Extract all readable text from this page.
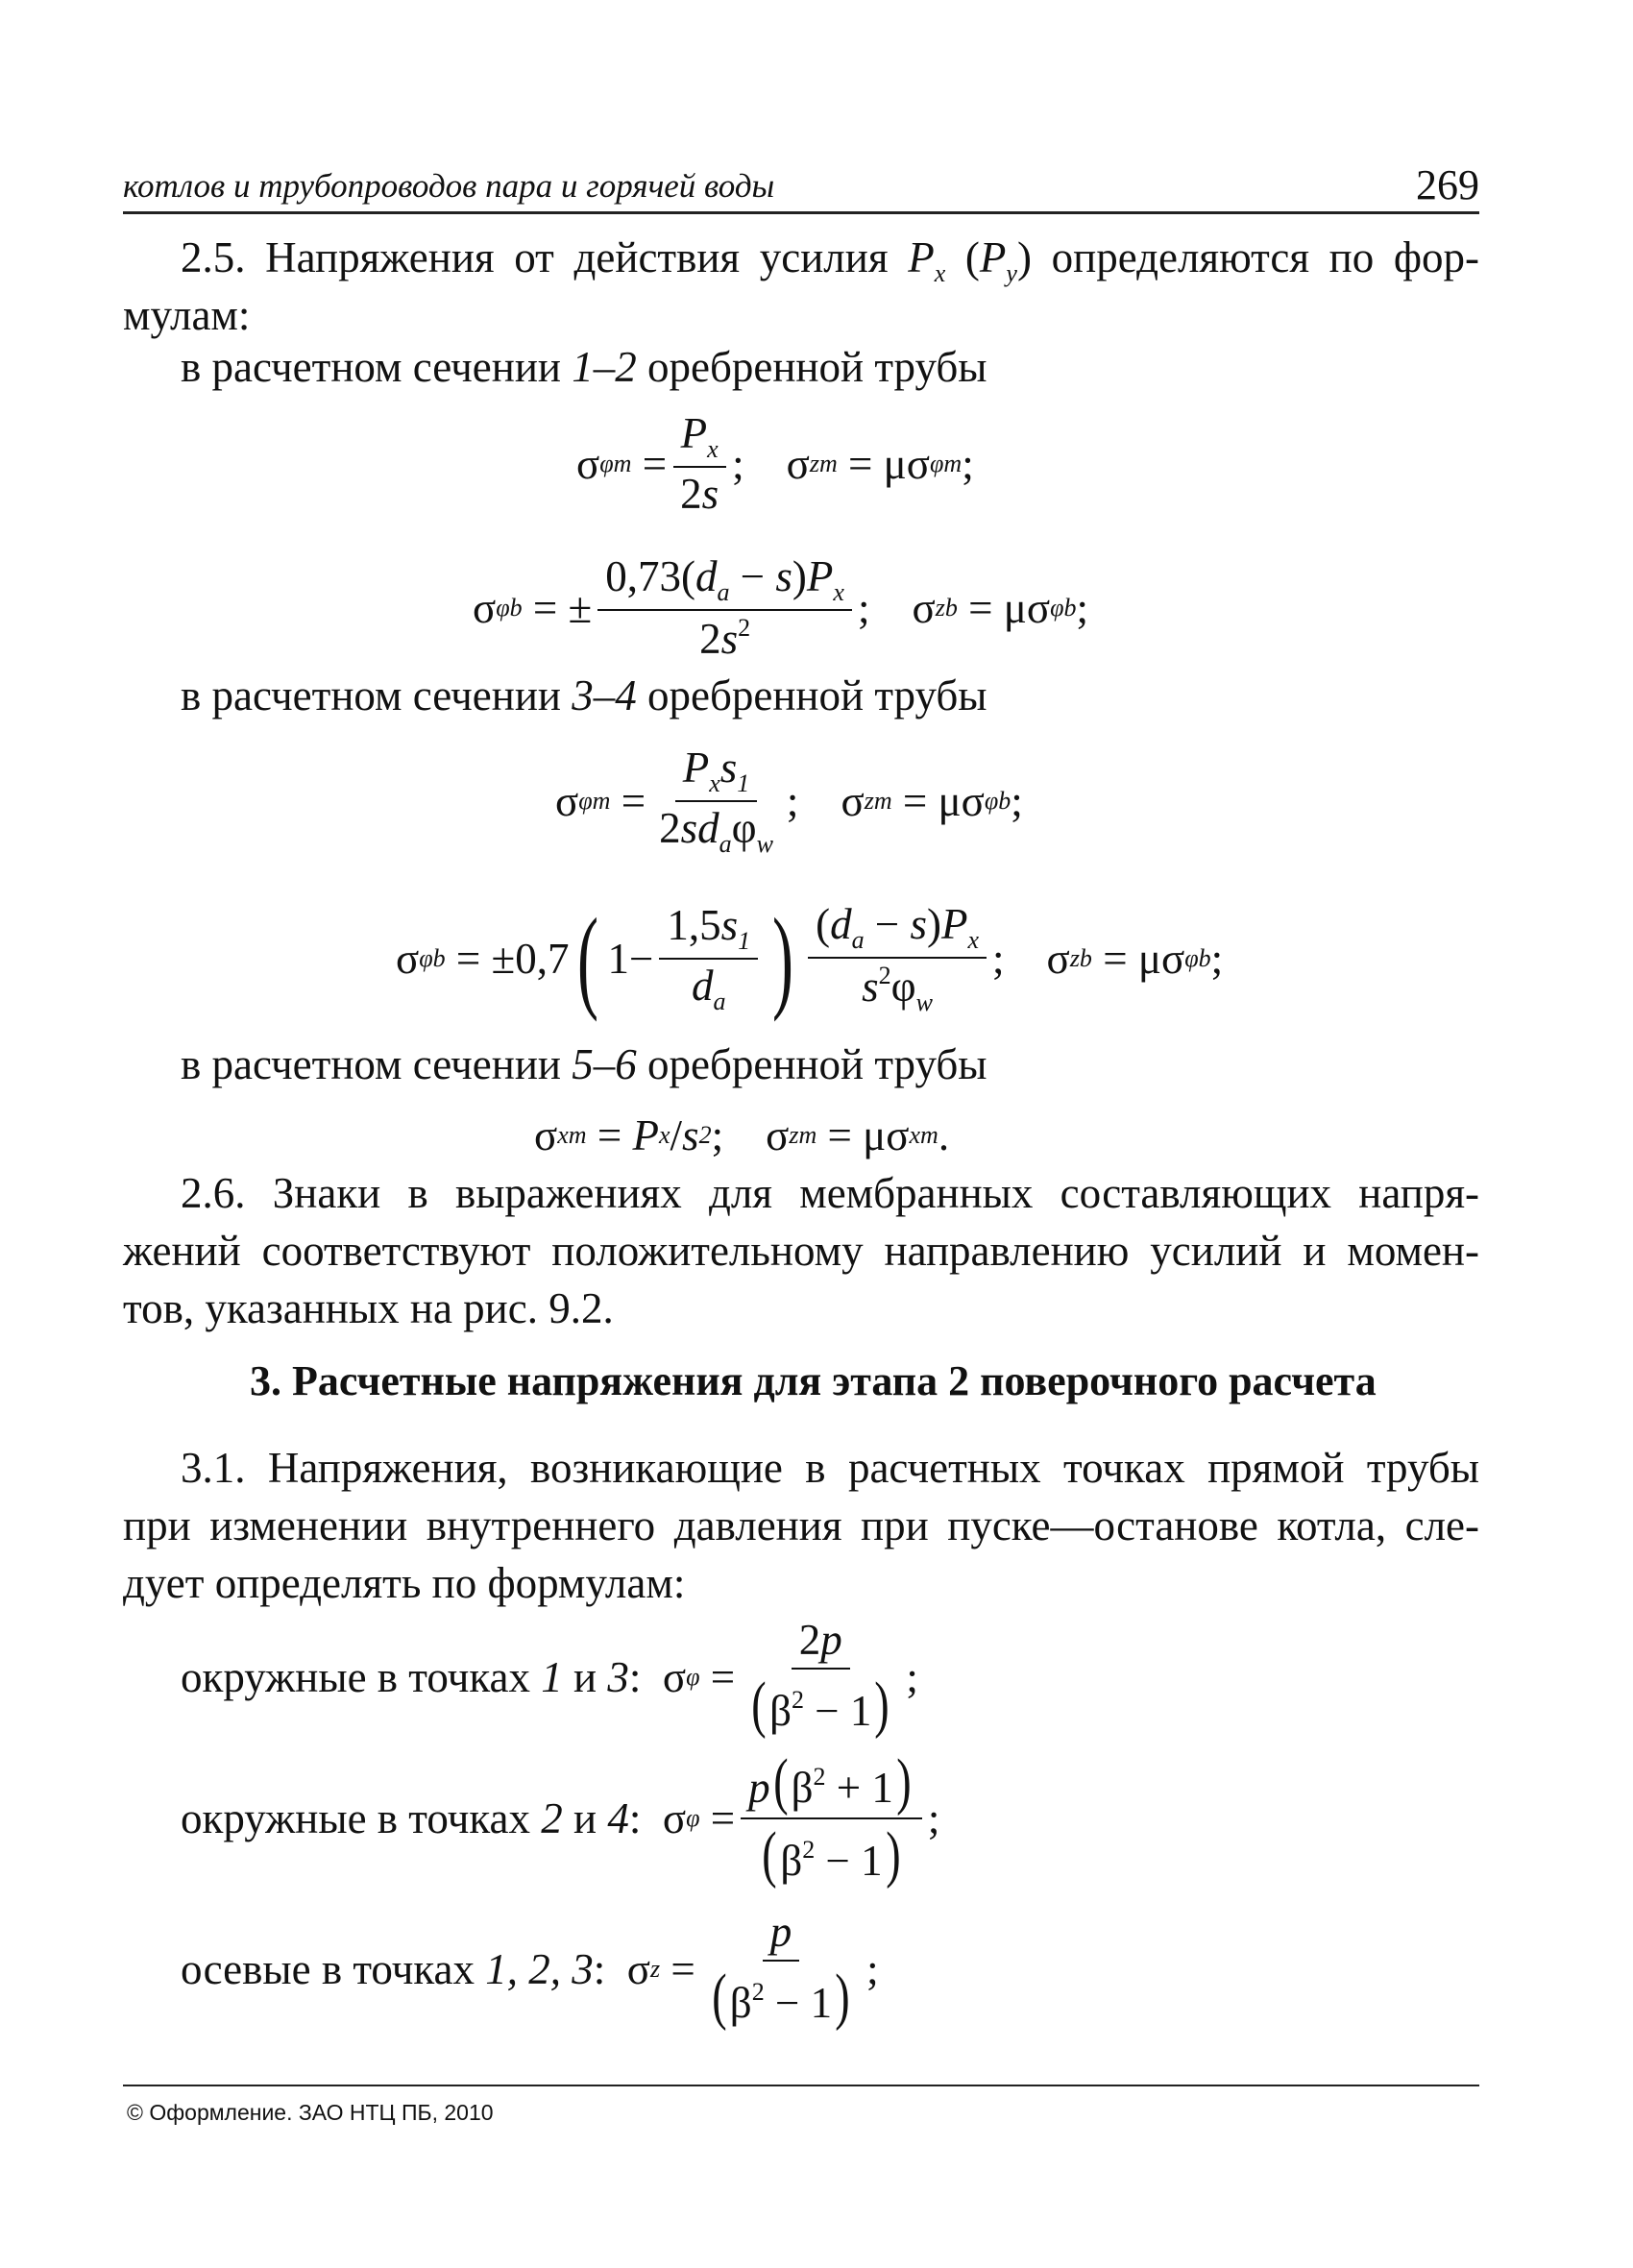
котлов и трубопроводов пара и горячей воды	269
2.5. Напряжения от действия усилия $P_x$ $(P_y)$ определяются по фор-
мулам:
в расчетном сечении 1–2 оребренной трубы
σ $\varphi m = \frac{P_x}{2s}$ ;
σ zm = μσ φm ;
σ φb = ± $\frac{0,73(d_a - s)P_x}{2s^2}$ ;
σ zb = μσ φb ;
в расчетном сечении 3–4 оребренной трубы
σ $\varphi m = \frac{P_xs_1}{2sd_a\varphi_w}$ ;
σ zm = μσ φb ;
σ φb = ±0,7 ( $1- \frac{1,5s_1}{d_a}$ ) $\frac{(d_a - s)P_x}{s^2\varphi_w}$ ;
σ zb = μσ φb ;
в расчетном сечении 5–6 оребренной трубы
σ xm = P x / s 2 ;
σ zm = μσ xm .
2.6. Знаки в выражениях для мембранных составляющих напря-
жений соответствуют положительному направлению усилий и момен-
тов, указанных на рис. 9.2.
3. Расчетные напряжения для этапа 2 поверочного расчета
3.1. Напряжения, возникающие в расчетных точках прямой трубы
при изменении внутреннего давления при пуске—останове котла, сле-
дует определять по формулам:
окружные в точках
1
и
3 : σ $\varphi = \frac{2p}{(\beta^2 - 1)}$ ;
окружные в точках
2
и
4 : σ $\varphi = \frac{p(\beta^2 + 1)}{(\beta^2 - 1)}$ ;
осевые в точках
1, 2, 3 : σ $z = \frac{p}{(\beta^2 - 1)}$ ;
© Оформление. ЗАО НТЦ ПБ, 2010
